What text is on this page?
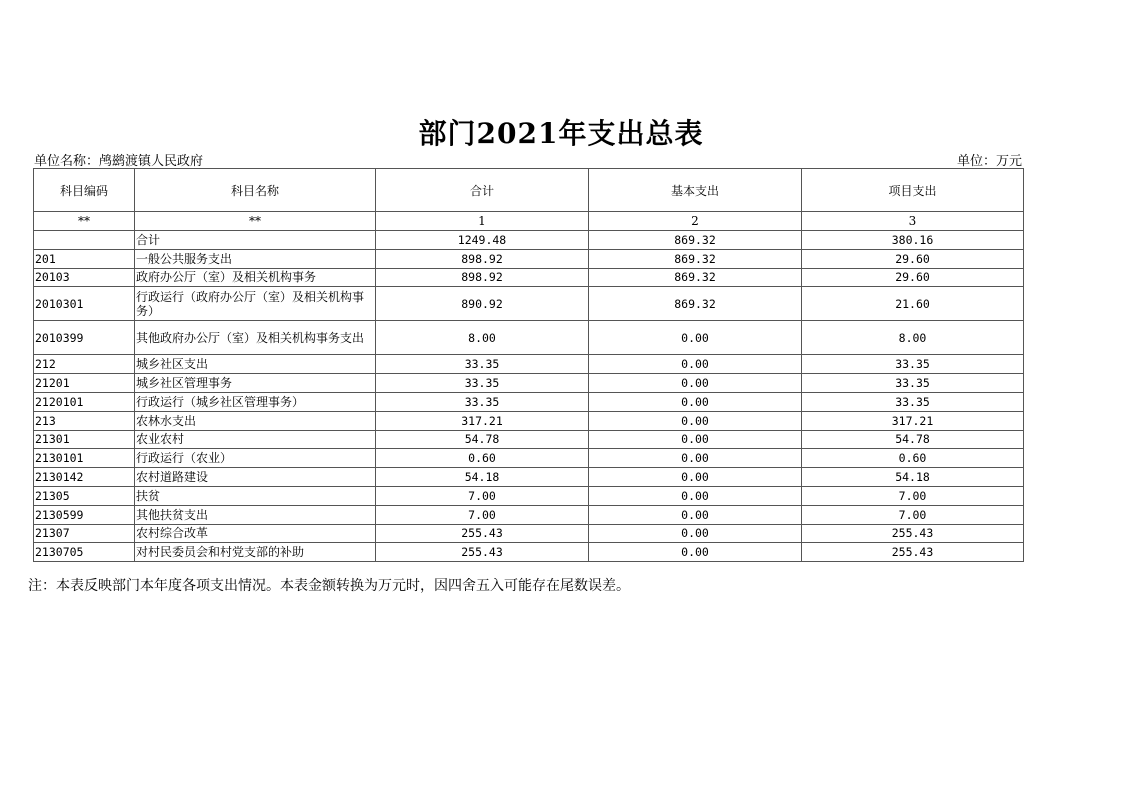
部门2021年支出总表
单位名称：鸬鹚渡镇人民政府	单位：万元
科目编码	科目名称	合计	基本支出	项目支出
**	**	1	2	3
	合计	1249.48	869.32	380.16
201	一般公共服务支出	898.92	869.32	29.60
20103	政府办公厅（室）及相关机构事务	898.92	869.32	29.60
2010301	行政运行（政府办公厅（室）及相关机构事务）	890.92	869.32	21.60
2010399	其他政府办公厅（室）及相关机构事务支出	8.00	0.00	8.00
212	城乡社区支出	33.35	0.00	33.35
21201	城乡社区管理事务	33.35	0.00	33.35
2120101	行政运行（城乡社区管理事务）	33.35	0.00	33.35
213	农林水支出	317.21	0.00	317.21
21301	农业农村	54.78	0.00	54.78
2130101	行政运行（农业）	0.60	0.00	0.60
2130142	农村道路建设	54.18	0.00	54.18
21305	扶贫	7.00	0.00	7.00
2130599	其他扶贫支出	7.00	0.00	7.00
21307	农村综合改革	255.43	0.00	255.43
2130705	对村民委员会和村党支部的补助	255.43	0.00	255.43
注：本表反映部门本年度各项支出情况。本表金额转换为万元时，因四舍五入可能存在尾数误差。
